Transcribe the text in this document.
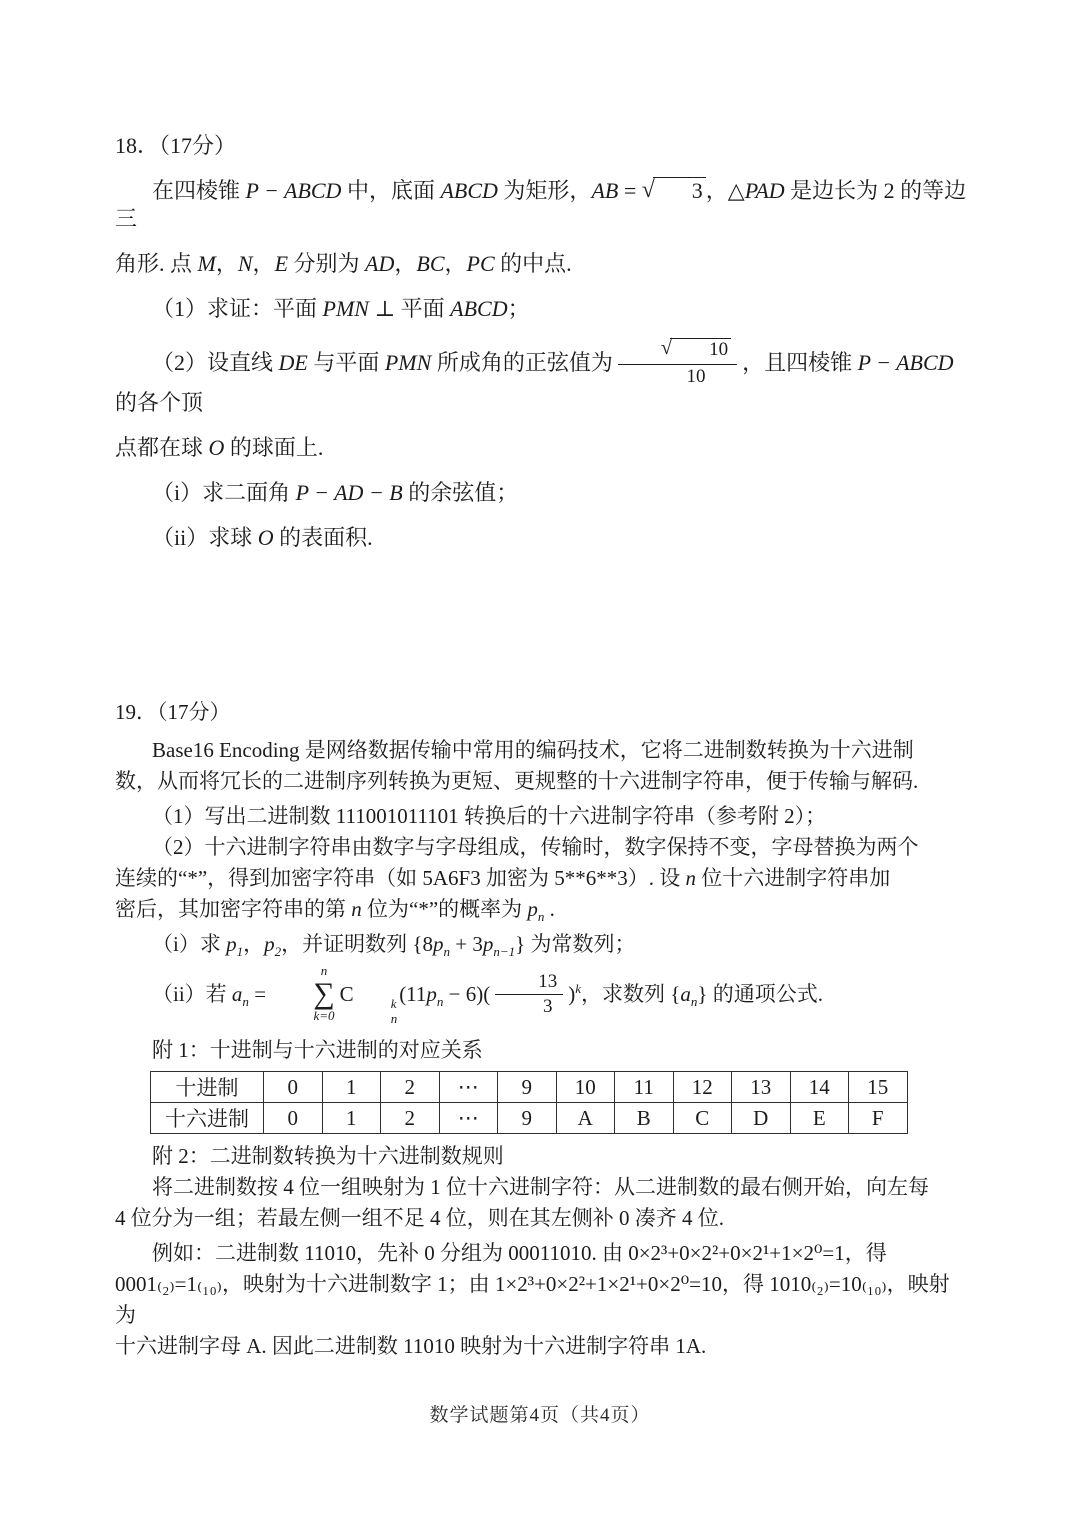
18．（17分）

在四棱锥 P − ABCD 中，底面 ABCD 为矩形，AB = √ 3 ，△PAD 是边长为 2 的等边三

角形. 点 M，N，E 分别为 AD，BC，PC 的中点.

（1）求证：平面 PMN ⊥ 平面 ABCD；

（2）设直线 DE 与平面 PMN 所成角的正弦值为 $\frac{√ 10}{10}$ ，且四棱锥 P − ABCD 的各个顶

点都在球 O 的球面上.

（i）求二面角 P − AD − B 的余弦值；

（ii）求球 O 的表面积.

19．（17分）

Base16 Encoding 是网络数据传输中常用的编码技术，它将二进制数转换为十六进制

数，从而将冗长的二进制序列转换为更短、更规整的十六进制字符串，便于传输与解码.

（1）写出二进制数 111001011101 转换后的十六进制字符串（参考附 2）；

（2）十六进制字符串由数字与字母组成，传输时，数字保持不变，字母替换为两个

连续的“*”，得到加密字符串（如 5A6F3 加密为 5**6**3）. 设 n 位十六进制字符串加

密后，其加密字符串的第 n 位为“*”的概率为 $p_n$ .

（i）求 $p_1$，$p_2$，并证明数列 $\{8p_n + 3p_{n-1}\}$ 为常数列；

（ii）若 $a_n$ =
n
∑
k=0
C	k
n
$(11p_n - 6)( \frac{13}{3} )^k$，求数列 $\{a_n\}$ 的通项公式.

附 1：十进制与十六进制的对应关系

十进制	0	1	2	⋯	9	10	11	12	13	14	15
十六进制	0	1	2	⋯	9	A	B	C	D	E	F

附 2：二进制数转换为十六进制数规则

将二进制数按 4 位一组映射为 1 位十六进制字符：从二进制数的最右侧开始，向左每

4 位分为一组；若最左侧一组不足 4 位，则在其左侧补 0 凑齐 4 位.

例如：二进制数 11010，先补 0 分组为 00011010. 由 0×2³+0×2²+0×2¹+1×2⁰=1，得

0001₍₂₎=1₍₁₀₎，映射为十六进制数字 1；由 1×2³+0×2²+1×2¹+0×2⁰=10，得 1010₍₂₎=10₍₁₀₎，映射为

十六进制字母 A. 因此二进制数 11010 映射为十六进制字符串 1A.

数学试题第4页（共4页）
